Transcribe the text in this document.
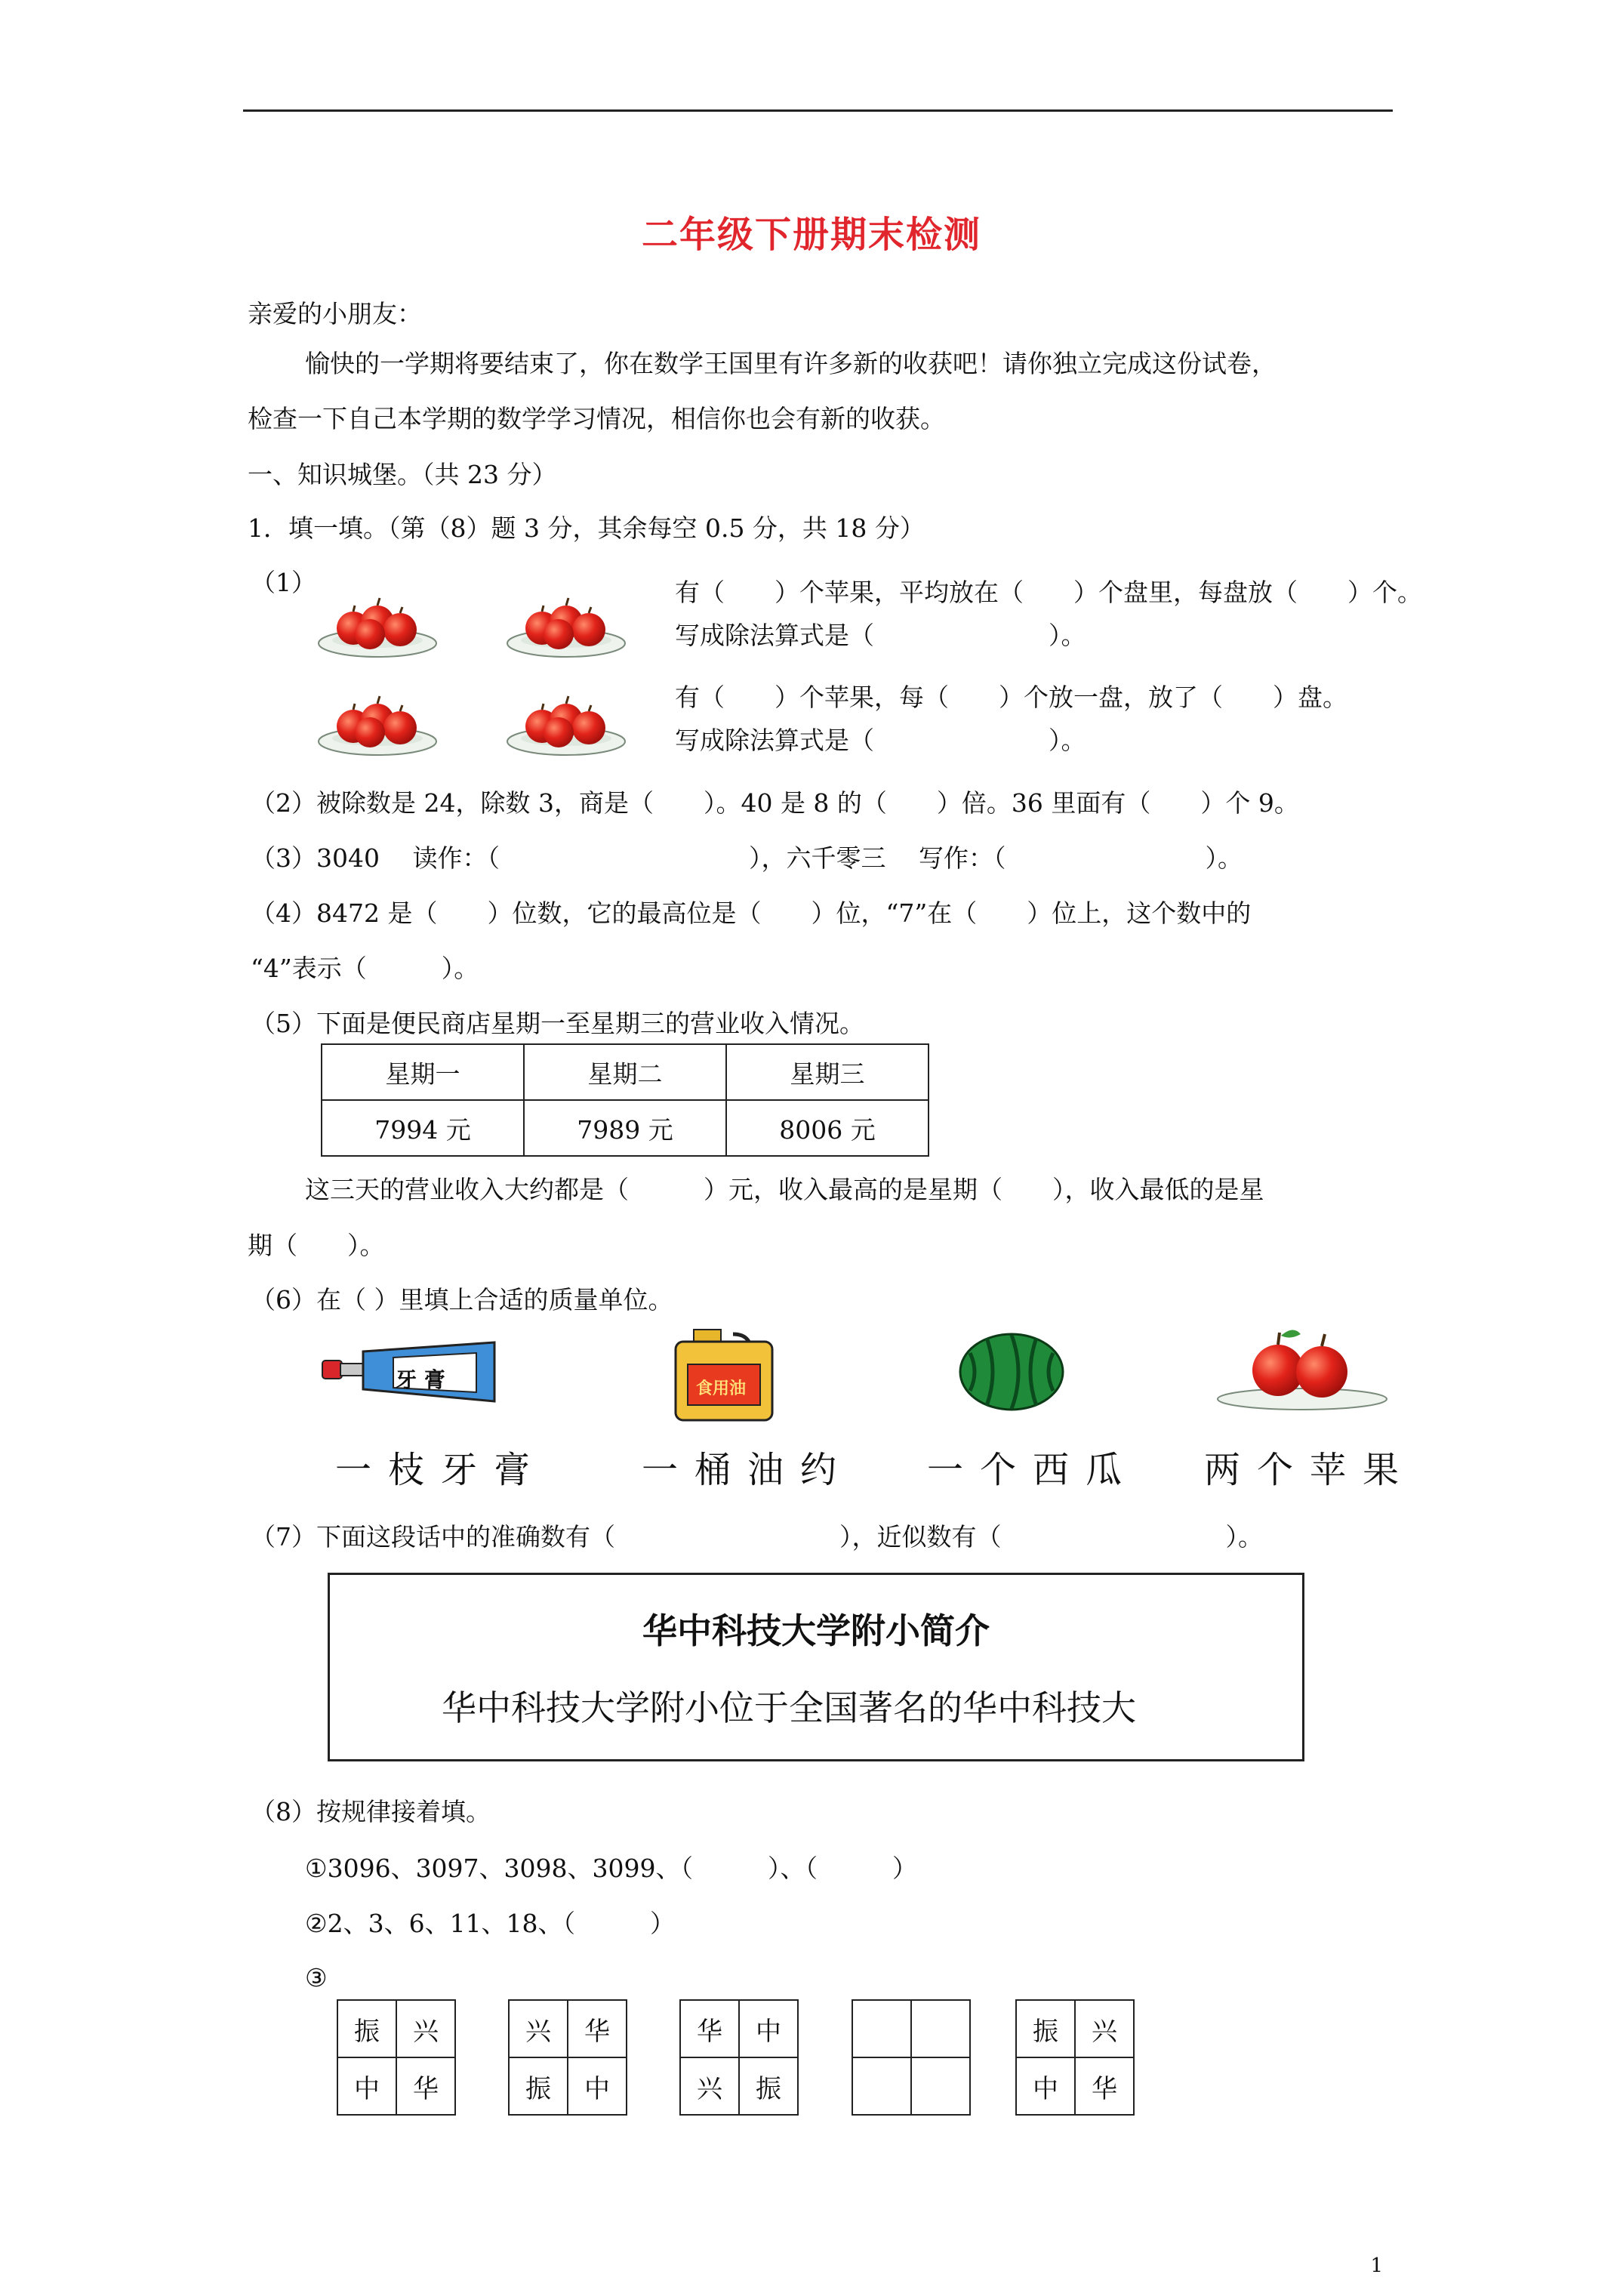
二年级下册期末检测
亲爱的小朋友：
愉快的一学期将要结束了，你在数学王国里有许多新的收获吧！请你独立完成这份试卷，
检查一下自己本学期的数学学习情况，相信你也会有新的收获。
一、知识城堡。（共 23 分）
1．填一填。（第（8）题 3 分，其余每空 0.5 分，共 18 分）
（1）	有（　　）个苹果，平均放在（　　）个盘里，每盘放（　　）个。
写成除法算式是（　　　　　　　）。
有（　　）个苹果，每（　　）个放一盘，放了（　　）盘。
写成除法算式是（　　　　　　　）。
（2）被除数是 24，除数 3，商是（　　）。40 是 8 的（　　）倍。36 里面有（　　）个 9。
（3）3040　 读作：（　　　　　　　　　　），六千零三　 写作：（　　　　　　　　）。
（4）8472 是（　　）位数，它的最高位是（　　）位，“7”在（　　）位上，这个数中的
“4”表示（　　　）。
（5）下面是便民商店星期一至星期三的营业收入情况。
星期一	星期二	星期三
7994 元	7989 元	8006 元
这三天的营业收入大约都是（　　　）元，收入最高的是星期（　　），收入最低的是星
期（　　）。
（6）在（ ）里填上合适的质量单位。
牙 膏	食用油
一枝牙膏	一桶油约 一个西瓜 两个苹果
（7）下面这段话中的准确数有（　　　　　　　　　），近似数有（　　　　　　　　　）。
华中科技大学附小简介
华中科技大学附小位于全国著名的华中科技大
（8）按规律接着填。
①3096、3097、3098、3099、（　　　）、（　　　）
②2、3、6、11、18、（　　　）
③
振	兴
中	华
兴	华
振	中
华	中
兴	振

振	兴
中	华
1
